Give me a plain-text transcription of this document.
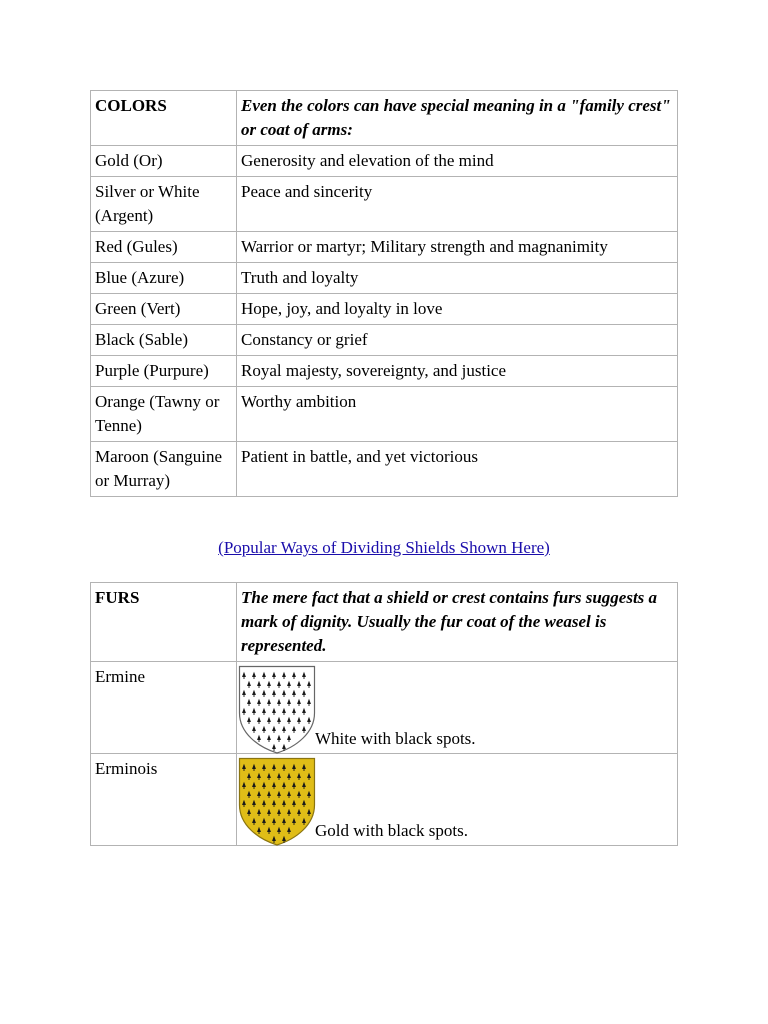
COLORS	Even the colors can have special meaning in a "family crest" or coat of arms:
Gold (Or)	Generosity and elevation of the mind
Silver or White (Argent)	Peace and sincerity
Red (Gules)	Warrior or martyr; Military strength and magnanimity
Blue (Azure)	Truth and loyalty
Green (Vert)	Hope, joy, and loyalty in love
Black (Sable)	Constancy or grief
Purple (Purpure)	Royal majesty, sovereignty, and justice
Orange (Tawny or Tenne)	Worthy ambition
Maroon (Sanguine or Murray)	Patient in battle, and yet victorious
(Popular Ways of Dividing Shields Shown Here)
FURS	The mere fact that a shield or crest contains furs suggests a mark of dignity. Usually the fur coat of the weasel is represented.
Ermine	White with black spots.

Erminois	Gold with black spots.
